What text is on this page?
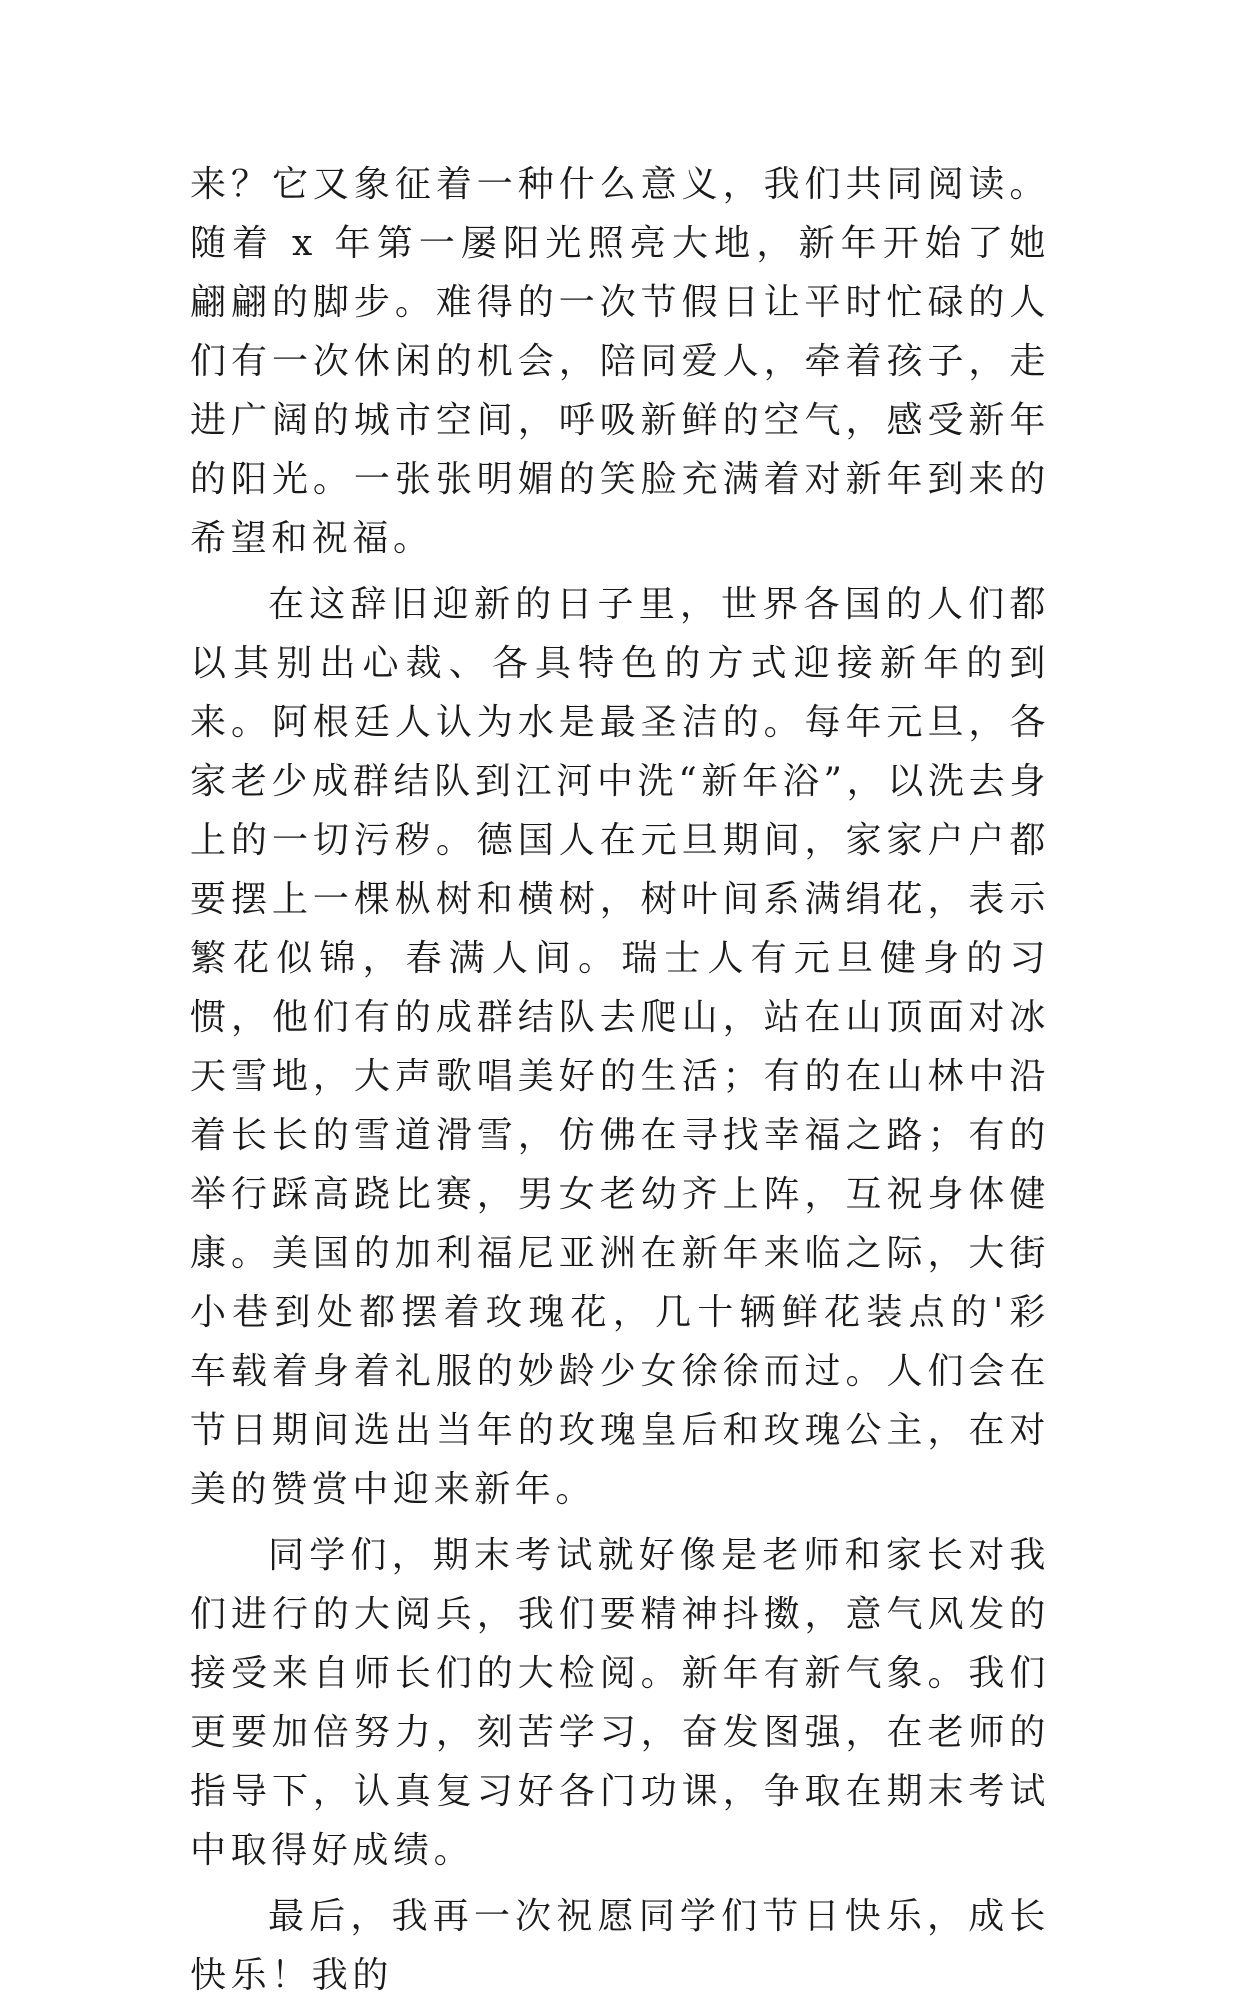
来？它又象征着一种什么意义，我们共同阅读。随着 x 年第一屡阳光照亮大地，新年开始了她翩翩的脚步。难得的一次节假日让平时忙碌的人们有一次休闲的机会，陪同爱人，牵着孩子，走进广阔的城市空间，呼吸新鲜的空气，感受新年的阳光。一张张明媚的笑脸充满着对新年到来的希望和祝福。

在这辞旧迎新的日子里，世界各国的人们都以其别出心裁、各具特色的方式迎接新年的到来。阿根廷人认为水是最圣洁的。每年元旦，各家老少成群结队到江河中洗“新年浴”，以洗去身上的一切污秽。德国人在元旦期间，家家户户都要摆上一棵枞树和横树，树叶间系满绢花，表示繁花似锦，春满人间。瑞士人有元旦健身的习惯，他们有的成群结队去爬山，站在山顶面对冰天雪地，大声歌唱美好的生活；有的在山林中沿着长长的雪道滑雪，仿佛在寻找幸福之路；有的举行踩高跷比赛，男女老幼齐上阵，互祝身体健康。美国的加利福尼亚洲在新年来临之际，大街小巷到处都摆着玫瑰花，几十辆鲜花装点的'彩车载着身着礼服的妙龄少女徐徐而过。人们会在节日期间选出当年的玫瑰皇后和玫瑰公主，在对美的赞赏中迎来新年。

同学们，期末考试就好像是老师和家长对我们进行的大阅兵，我们要精神抖擞，意气风发的接受来自师长们的大检阅。新年有新气象。我们更要加倍努力，刻苦学习，奋发图强，在老师的指导下，认真复习好各门功课，争取在期末考试中取得好成绩。

最后，我再一次祝愿同学们节日快乐，成长快乐！我的
